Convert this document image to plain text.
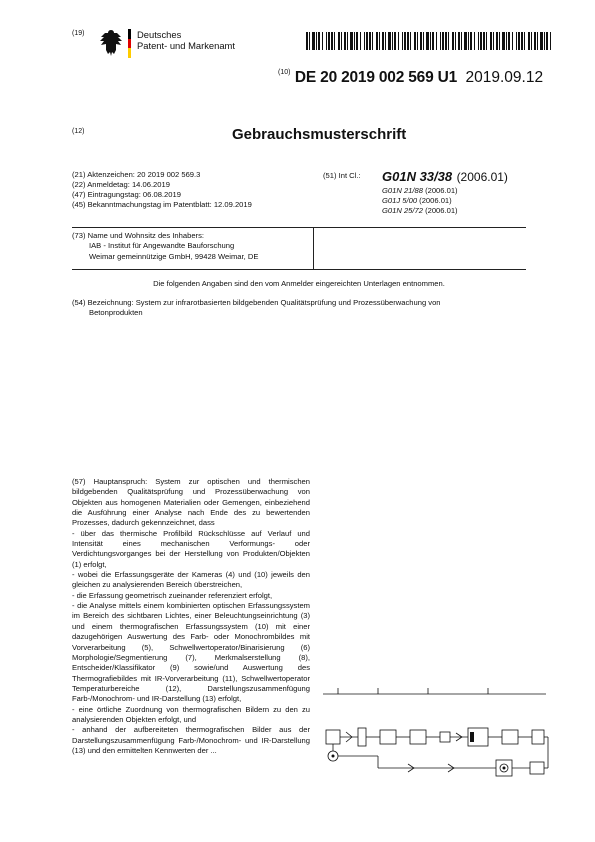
(19)	Deutsches
Patent- und Markenamt
$^{(10)}$ DE 20 2019 002 569 U1 2019.09.12
(12)	Gebrauchsmusterschrift
(21) Aktenzeichen: 20 2019 002 569.3
(22) Anmeldetag: 14.06.2019
(47) Eintragungstag: 06.08.2019
(45) Bekanntmachungstag im Patentblatt: 12.09.2019
(51) Int Cl.: G01N 33/38 (2006.01)
G01N 21/88 (2006.01)
G01J 5/00 (2006.01)
G01N 25/72 (2006.01)
(73) Name und Wohnsitz des Inhabers:
IAB - Institut für Angewandte Bauforschung
Weimar gemeinnützige GmbH, 99428 Weimar, DE
Die folgenden Angaben sind den vom Anmelder eingereichten Unterlagen entnommen.
(54) Bezeichnung: System zur infrarotbasierten bildgebenden Qualitätsprüfung und Prozessüberwachung von
Betonprodukten

(57) Hauptanspruch: System zur optischen und thermischen bildgebenden Qualitätsprüfung und Prozessüberwachung von Objekten aus homogenen Materialien oder Gemengen, einbeziehend die Ausführung einer Analyse nach Ende des zu bewertenden Prozesses, dadurch gekennzeichnet, dass

- über das thermische Profilbild Rückschlüsse auf Verlauf und Intensität eines mechanischen Verformungs- oder Verdichtungsvorganges bei der Herstellung von Produkten/Objekten (1) erfolgt,

- wobei die Erfassungsgeräte der Kameras (4) und (10) jeweils den gleichen zu analysierenden Bereich überstreichen,

- die Erfassung geometrisch zueinander referenziert erfolgt,

- die Analyse mittels einem kombinierten optischen Erfassungssystem im Bereich des sichtbaren Lichtes, einer Beleuchtungseinrichtung (3) und einem thermografischen Erfassungssystem (10) mit einer dazugehörigen Auswertung des Farb- oder Monochrombildes mit Vorverarbeitung (5), Schwellwertoperator/Binarisierung (6) Morphologie/Segmentierung (7), Merkmalserstellung (8), Entscheider/Klassifikator (9) sowie/und Auswertung des Thermografiebildes mit IR-Vorverarbeitung (11), Schwellwertoperator Temperaturbereiche (12), Darstellungszusammenfügung Farb-/Monochrom- und IR-Darstellung (13) erfolgt,

- eine örtliche Zuordnung von thermografischen Bildern zu den zu analysierenden Objekten erfolgt, und

- anhand der aufbereiteten thermografischen Bilder aus der Darstellungszusammenfügung Farb-/Monochrom- und IR-Darstellung (13) und den ermittelten Kennwerten der ...
